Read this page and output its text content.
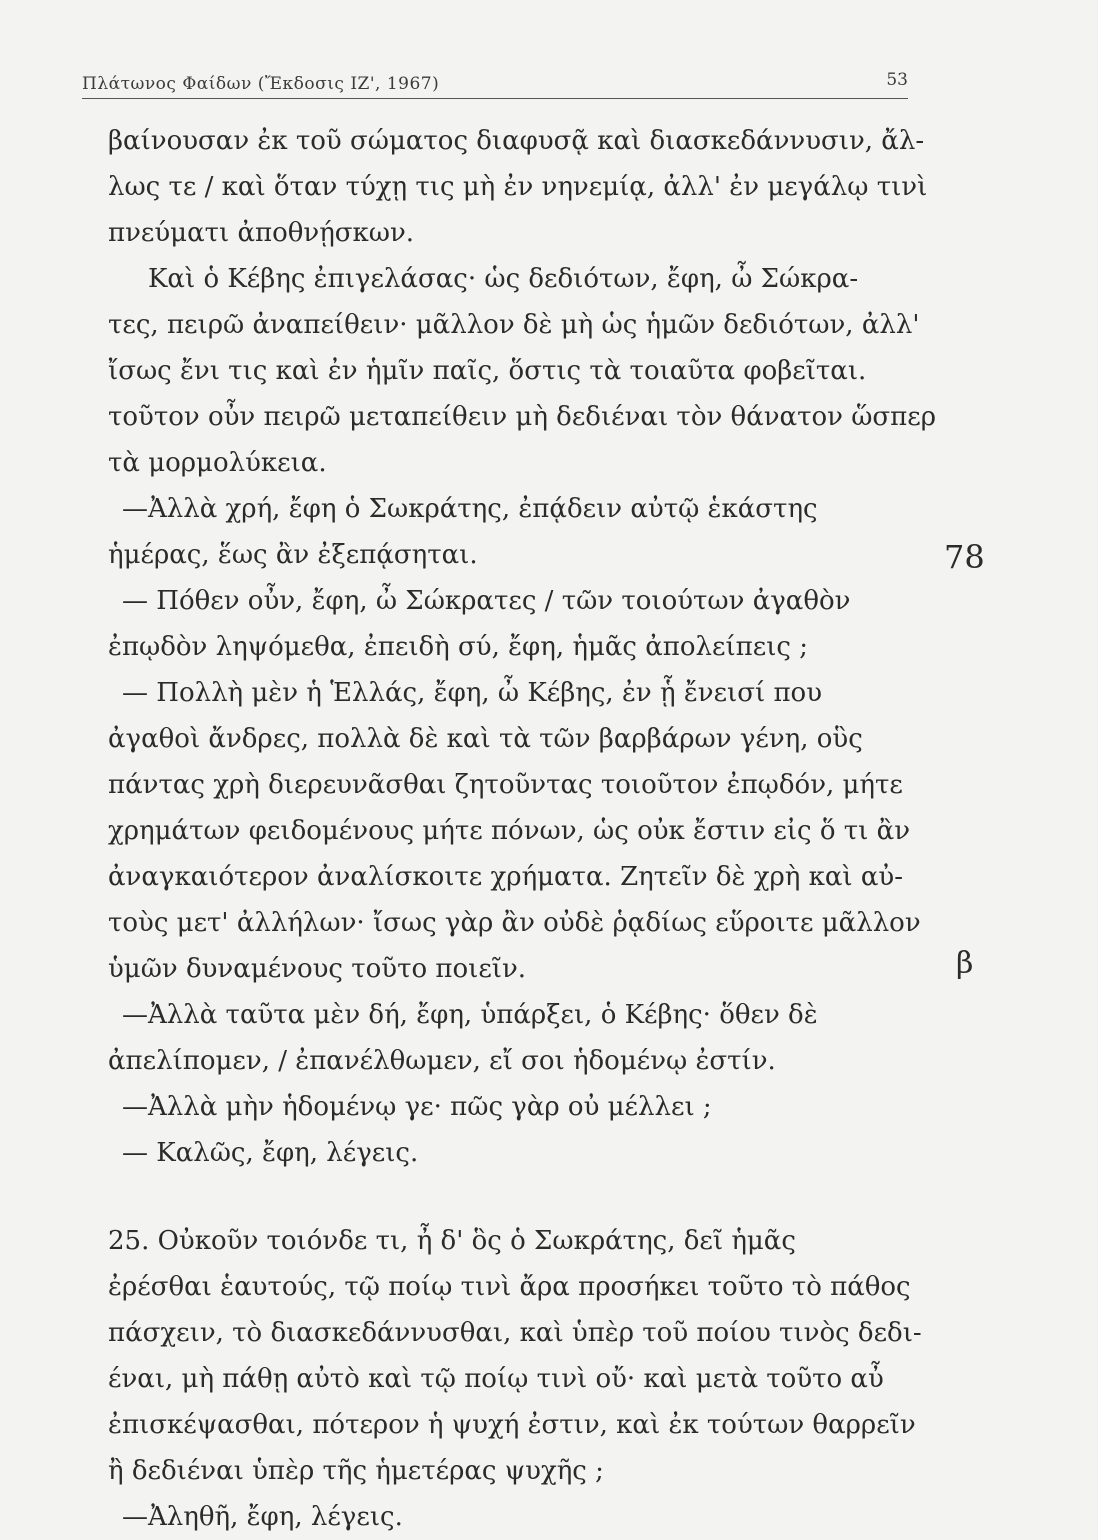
Πλάτωνος Φαίδων (Ἔκδοσις ΙΖ', 1967)	53
78
β
βαίνουσαν ἐκ τοῦ σώματος διαφυσᾷ καὶ διασκεδάννυσιν, ἄλ-
λως τε / καὶ ὅταν τύχῃ τις μὴ ἐν νηνεμίᾳ, ἀλλ' ἐν μεγάλῳ τινὶ
πνεύματι ἀποθνῄσκων.
Καὶ ὁ Κέβης ἐπιγελάσας· ὡς δεδιότων, ἔφη, ὦ Σώκρα-
τες, πειρῶ ἀναπείθειν· μᾶλλον δὲ μὴ ὡς ἡμῶν δεδιότων, ἀλλ'
ἴσως ἔνι τις καὶ ἐν ἡμῖν παῖς, ὅστις τὰ τοιαῦτα φοβεῖται.
τοῦτον οὖν πειρῶ μεταπείθειν μὴ δεδιέναι τὸν θάνατον ὥσπερ
τὰ μορμολύκεια.
—Ἀλλὰ χρή, ἔφη ὁ Σωκράτης, ἐπᾴδειν αὐτῷ ἑκάστης
ἡμέρας, ἕως ἂν ἐξεπᾴσηται.
— Πόθεν οὖν, ἔφη, ὦ Σώκρατες / τῶν τοιούτων ἀγαθὸν
ἐπῳδὸν ληψόμεθα, ἐπειδὴ σύ, ἔφη, ἡμᾶς ἀπολείπεις ;
— Πολλὴ μὲν ἡ Ἑλλάς, ἔφη, ὦ Κέβης, ἐν ᾗ ἔνεισί που
ἀγαθοὶ ἄνδρες, πολλὰ δὲ καὶ τὰ τῶν βαρβάρων γένη, οὓς
πάντας χρὴ διερευνᾶσθαι ζητοῦντας τοιοῦτον ἐπῳδόν, μήτε
χρημάτων φειδομένους μήτε πόνων, ὡς οὐκ ἔστιν εἰς ὅ τι ἂν
ἀναγκαιότερον ἀναλίσκοιτε χρήματα. Ζητεῖν δὲ χρὴ καὶ αὐ-
τοὺς μετ' ἀλλήλων· ἴσως γὰρ ἂν οὐδὲ ῥᾳδίως εὕροιτε μᾶλλον
ὑμῶν δυναμένους τοῦτο ποιεῖν.
—Ἀλλὰ ταῦτα μὲν δή, ἔφη, ὑπάρξει, ὁ Κέβης· ὅθεν δὲ
ἀπελίπομεν, / ἐπανέλθωμεν, εἴ σοι ἡδομένῳ ἐστίν.
—Ἀλλὰ μὴν ἡδομένῳ γε· πῶς γὰρ οὐ μέλλει ;
— Καλῶς, ἔφη, λέγεις.
25. Οὐκοῦν τοιόνδε τι, ἦ δ' ὃς ὁ Σωκράτης, δεῖ ἡμᾶς
ἐρέσθαι ἑαυτούς, τῷ ποίῳ τινὶ ἄρα προσήκει τοῦτο τὸ πάθος
πάσχειν, τὸ διασκεδάννυσθαι, καὶ ὑπὲρ τοῦ ποίου τινὸς δεδι-
έναι, μὴ πάθῃ αὐτὸ καὶ τῷ ποίῳ τινὶ οὔ· καὶ μετὰ τοῦτο αὖ
ἐπισκέψασθαι, πότερον ἡ ψυχή ἐστιν, καὶ ἐκ τούτων θαρρεῖν
ἢ δεδιέναι ὑπὲρ τῆς ἡμετέρας ψυχῆς ;
—Ἀληθῆ, ἔφη, λέγεις.
